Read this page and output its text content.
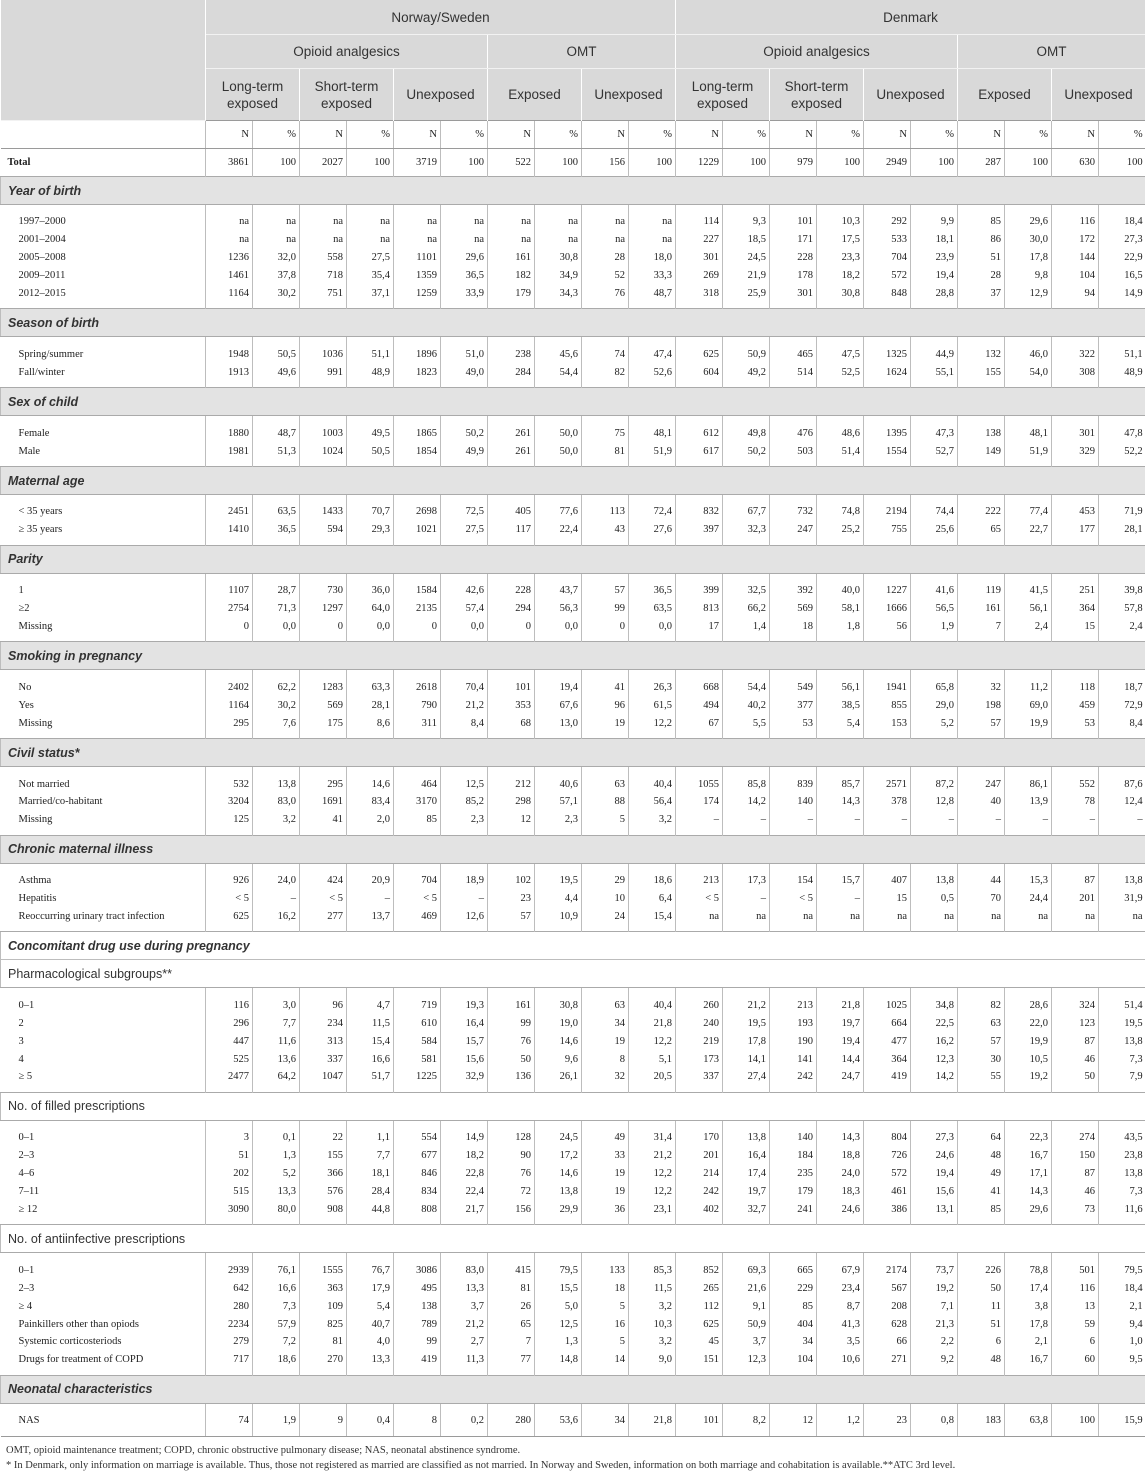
	Norway/Sweden										Denmark									
	Opioid analgesics						OMT				Opioid analgesics						OMT			
	Long-term exposed		Short-term exposed		Unexposed		Exposed		Unexposed		Long-term exposed		Short-term exposed		Unexposed		Exposed		Unexposed	
	N	%	N	%	N	%	N	%	N	%	N	%	N	%	N	%	N	%	N	%
Total	3861	100	2027	100	3719	100	522	100	156	100	1229	100	979	100	2949	100	287	100	630	100
Year of birth																				
1997–2000	na	na	na	na	na	na	na	na	na	na	114	9,3	101	10,3	292	9,9	85	29,6	116	18,4
2001–2004	na	na	na	na	na	na	na	na	na	na	227	18,5	171	17,5	533	18,1	86	30,0	172	27,3
2005–2008	1236	32,0	558	27,5	1101	29,6	161	30,8	28	18,0	301	24,5	228	23,3	704	23,9	51	17,8	144	22,9
2009–2011	1461	37,8	718	35,4	1359	36,5	182	34,9	52	33,3	269	21,9	178	18,2	572	19,4	28	9,8	104	16,5
2012–2015	1164	30,2	751	37,1	1259	33,9	179	34,3	76	48,7	318	25,9	301	30,8	848	28,8	37	12,9	94	14,9
Season of birth																				
Spring/summer	1948	50,5	1036	51,1	1896	51,0	238	45,6	74	47,4	625	50,9	465	47,5	1325	44,9	132	46,0	322	51,1
Fall/winter	1913	49,6	991	48,9	1823	49,0	284	54,4	82	52,6	604	49,2	514	52,5	1624	55,1	155	54,0	308	48,9
Sex of child																				
Female	1880	48,7	1003	49,5	1865	50,2	261	50,0	75	48,1	612	49,8	476	48,6	1395	47,3	138	48,1	301	47,8
Male	1981	51,3	1024	50,5	1854	49,9	261	50,0	81	51,9	617	50,2	503	51,4	1554	52,7	149	51,9	329	52,2
Maternal age																				
< 35 years	2451	63,5	1433	70,7	2698	72,5	405	77,6	113	72,4	832	67,7	732	74,8	2194	74,4	222	77,4	453	71,9
≥ 35 years	1410	36,5	594	29,3	1021	27,5	117	22,4	43	27,6	397	32,3	247	25,2	755	25,6	65	22,7	177	28,1
Parity																				
1	1107	28,7	730	36,0	1584	42,6	228	43,7	57	36,5	399	32,5	392	40,0	1227	41,6	119	41,5	251	39,8
≥2	2754	71,3	1297	64,0	2135	57,4	294	56,3	99	63,5	813	66,2	569	58,1	1666	56,5	161	56,1	364	57,8
Missing	0	0,0	0	0,0	0	0,0	0	0,0	0	0,0	17	1,4	18	1,8	56	1,9	7	2,4	15	2,4
Smoking in pregnancy																				
No	2402	62,2	1283	63,3	2618	70,4	101	19,4	41	26,3	668	54,4	549	56,1	1941	65,8	32	11,2	118	18,7
Yes	1164	30,2	569	28,1	790	21,2	353	67,6	96	61,5	494	40,2	377	38,5	855	29,0	198	69,0	459	72,9
Missing	295	7,6	175	8,6	311	8,4	68	13,0	19	12,2	67	5,5	53	5,4	153	5,2	57	19,9	53	8,4
Civil status*																				
Not married	532	13,8	295	14,6	464	12,5	212	40,6	63	40,4	1055	85,8	839	85,7	2571	87,2	247	86,1	552	87,6
Married/co-habitant	3204	83,0	1691	83,4	3170	85,2	298	57,1	88	56,4	174	14,2	140	14,3	378	12,8	40	13,9	78	12,4
Missing	125	3,2	41	2,0	85	2,3	12	2,3	5	3,2	–	–	–	–	–	–	–	–	–	–
Chronic maternal illness																				
Asthma	926	24,0	424	20,9	704	18,9	102	19,5	29	18,6	213	17,3	154	15,7	407	13,8	44	15,3	87	13,8
Hepatitis	< 5	–	< 5	–	< 5	–	23	4,4	10	6,4	< 5	–	< 5	–	15	0,5	70	24,4	201	31,9
Reoccurring urinary tract infection	625	16,2	277	13,7	469	12,6	57	10,9	24	15,4	na	na	na	na	na	na	na	na	na	na
Concomitant drug use during pregnancy																				
Pharmacological subgroups**																				
0–1	116	3,0	96	4,7	719	19,3	161	30,8	63	40,4	260	21,2	213	21,8	1025	34,8	82	28,6	324	51,4
2	296	7,7	234	11,5	610	16,4	99	19,0	34	21,8	240	19,5	193	19,7	664	22,5	63	22,0	123	19,5
3	447	11,6	313	15,4	584	15,7	76	14,6	19	12,2	219	17,8	190	19,4	477	16,2	57	19,9	87	13,8
4	525	13,6	337	16,6	581	15,6	50	9,6	8	5,1	173	14,1	141	14,4	364	12,3	30	10,5	46	7,3
≥ 5	2477	64,2	1047	51,7	1225	32,9	136	26,1	32	20,5	337	27,4	242	24,7	419	14,2	55	19,2	50	7,9
No. of filled prescriptions																				
0–1	3	0,1	22	1,1	554	14,9	128	24,5	49	31,4	170	13,8	140	14,3	804	27,3	64	22,3	274	43,5
2–3	51	1,3	155	7,7	677	18,2	90	17,2	33	21,2	201	16,4	184	18,8	726	24,6	48	16,7	150	23,8
4–6	202	5,2	366	18,1	846	22,8	76	14,6	19	12,2	214	17,4	235	24,0	572	19,4	49	17,1	87	13,8
7–11	515	13,3	576	28,4	834	22,4	72	13,8	19	12,2	242	19,7	179	18,3	461	15,6	41	14,3	46	7,3
≥ 12	3090	80,0	908	44,8	808	21,7	156	29,9	36	23,1	402	32,7	241	24,6	386	13,1	85	29,6	73	11,6
No. of antiinfective prescriptions																				
0–1	2939	76,1	1555	76,7	3086	83,0	415	79,5	133	85,3	852	69,3	665	67,9	2174	73,7	226	78,8	501	79,5
2–3	642	16,6	363	17,9	495	13,3	81	15,5	18	11,5	265	21,6	229	23,4	567	19,2	50	17,4	116	18,4
≥ 4	280	7,3	109	5,4	138	3,7	26	5,0	5	3,2	112	9,1	85	8,7	208	7,1	11	3,8	13	2,1
Painkillers other than opiods	2234	57,9	825	40,7	789	21,2	65	12,5	16	10,3	625	50,9	404	41,3	628	21,3	51	17,8	59	9,4
Systemic corticosteriods	279	7,2	81	4,0	99	2,7	7	1,3	5	3,2	45	3,7	34	3,5	66	2,2	6	2,1	6	1,0
Drugs for treatment of COPD	717	18,6	270	13,3	419	11,3	77	14,8	14	9,0	151	12,3	104	10,6	271	9,2	48	16,7	60	9,5
Neonatal characteristics																				
NAS	74	1,9	9	0,4	8	0,2	280	53,6	34	21,8	101	8,2	12	1,2	23	0,8	183	63,8	100	15,9

OMT, opioid maintenance treatment; COPD, chronic obstructive pulmonary disease; NAS, neonatal abstinence syndrome.

* In Denmark, only information on marriage is available. Thus, those not registered as married are classified as not married. In Norway and Sweden, information on both marriage and cohabitation is available.**ATC 3rd level.
